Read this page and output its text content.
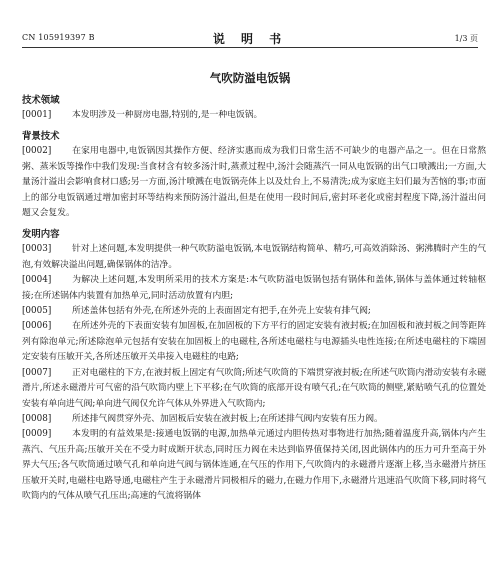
CN 105919397 B	说 明 书	1/3 页
气吹防溢电饭锅
技术领域

[0001] 本发明涉及一种厨房电器,特别的,是一种电饭锅。

背景技术

[0002] 在家用电器中,电饭锅因其操作方便、经济实惠而成为我们日常生活不可缺少的电器产品之一。但在日常熬粥、蒸米饭等操作中我们发现:当食材含有较多汤汁时,蒸煮过程中,汤汁会随蒸汽一同从电饭锅的出气口喷溅出;一方面,大量汤汁溢出会影响食材口感;另一方面,汤汁喷溅在电饭锅壳体上以及灶台上,不易清洗;成为家庭主妇们最为苦恼的事;市面上的部分电饭锅通过增加密封环等结构来预防汤汁溢出,但是在使用一段时间后,密封环老化或密封程度下降,汤汁溢出问题又会复发。

发明内容

[0003] 针对上述问题,本发明提供一种气吹防溢电饭锅,本电饭锅结构简单、精巧,可高效消除汤、粥沸腾时产生的气泡,有效解决溢出问题,确保锅体的洁净。

[0004] 为解决上述问题,本发明所采用的技术方案是:本气吹防溢电饭锅包括有锅体和盖体,锅体与盖体通过转轴枢接;在所述锅体内装置有加热单元,同时活动放置有内胆;

[0005] 所述盖体包括有外壳,在所述外壳的上表面固定有把手,在外壳上安装有排气阀;

[0006] 在所述外壳的下表面安装有加固板,在加固板的下方平行的固定安装有液封板;在加固板和液封板之间等距阵列有除泡单元;所述除泡单元包括有安装在加固板上的电磁柱,各所述电磁柱与电源插头电性连接;在所述电磁柱的下端固定安装有压敏开关,各所述压敏开关串接入电磁柱的电路;

[0007] 正对电磁柱的下方,在液封板上固定有气吹筒;所述气吹筒的下端贯穿液封板;在所述气吹筒内滑动安装有永磁滑片,所述永磁滑片可气密的沿气吹筒内壁上下平移;在气吹筒的底部开设有喷气孔;在气吹筒的侧壁,紧贴喷气孔的位置处安装有单向进气阀;单向进气阀仅允许气体从外界进入气吹筒内;

[0008] 所述排气阀贯穿外壳、加固板后安装在液封板上;在所述排气阀内安装有压力阀。

[0009] 本发明的有益效果是:接通电饭锅的电源,加热单元通过内胆传热对事物进行加热;随着温度升高,锅体内产生蒸汽、气压升高;压敏开关在不受力时成断开状态,同时压力阀在未达到临界值保持关闭,因此锅体内的压力可升至高于外界大气压;各气吹筒通过喷气孔和单向进气阀与锅体连通,在气压的作用下,气吹筒内的永磁滑片逐渐上移,当永磁滑片挤压压敏开关时,电磁柱电路导通,电磁柱产生于永磁滑片同极相斥的磁力,在磁力作用下,永磁滑片迅速沿气吹筒下移,同时将气吹筒内的气体从喷气孔压出;高速的气流将锅体
